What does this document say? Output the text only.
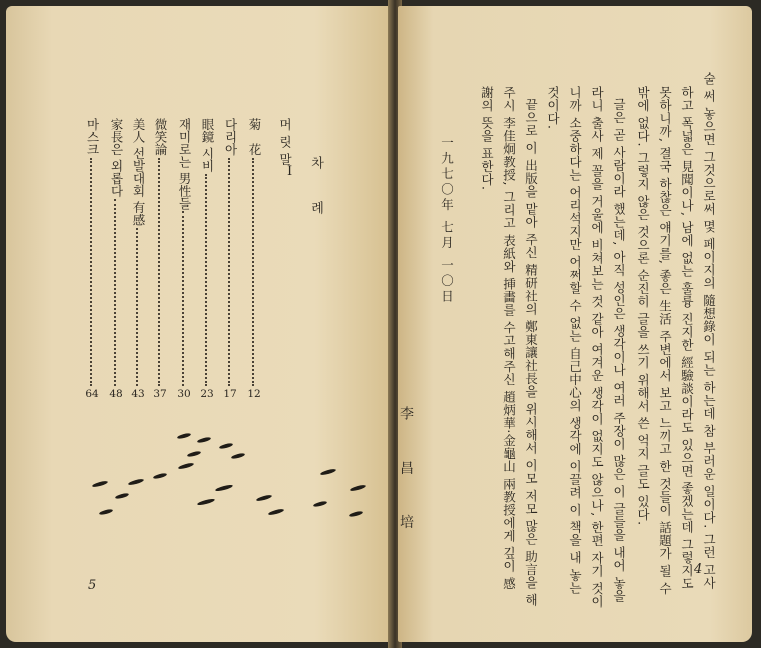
차 례
머 릿 말
I
菊　花
12
다리아
17
眼鏡 시비
23
재미로는 男性들
30
微笑論
37
美人 선발대회 有感
43
家長은 외롭다
48
마스크
64
5	술 써 놓으면 그것으로써 몇 페이지의 隨想錄이 되는 하는데 참 부러운 일이다. 그런 고사
하고 폭넓은 見聞이나, 남에 없는 훌륭 진지한 經驗談이라도 있으면 좋겠는데 그렇지도
못하니까, 결국 하찮은 얘기를, 좋은 生活 주변에서 보고 느끼고 한 것들이 話題가 될 수
밖에 없다. 그렇지 않은 것으론 순진히 글을 쓰기 위해서 쓴 억지 글도 있다.
글은 곧 사람이라 했는데, 아직 성인은 생각이나 여러 주장이 많은 이 글들을 내어 놓을
라니 출사 제 꼴을 거울에 비쳐보는 것 같아 여겨운 생각이 없지도 않으나, 한편 자기 것이
니까 소중하다는 어리석지만 어쩌할 수 없는 自己中心의 생각에 이끌려 이 책을 내 놓는
것이다.
끝으로 이 出版을 맡아 주신 精研社의 鄭東讓社長을 위시해서 이모 저모 많은 助言을 해
주시 李佳炯教授, 그리고 表紙와 挿畵를 수고해주신 趙炳華·金龜山 兩教授에게 깊이 感
謝의 뜻을 표한다.
一九七〇年 七月 一〇日
李 昌 培
4
